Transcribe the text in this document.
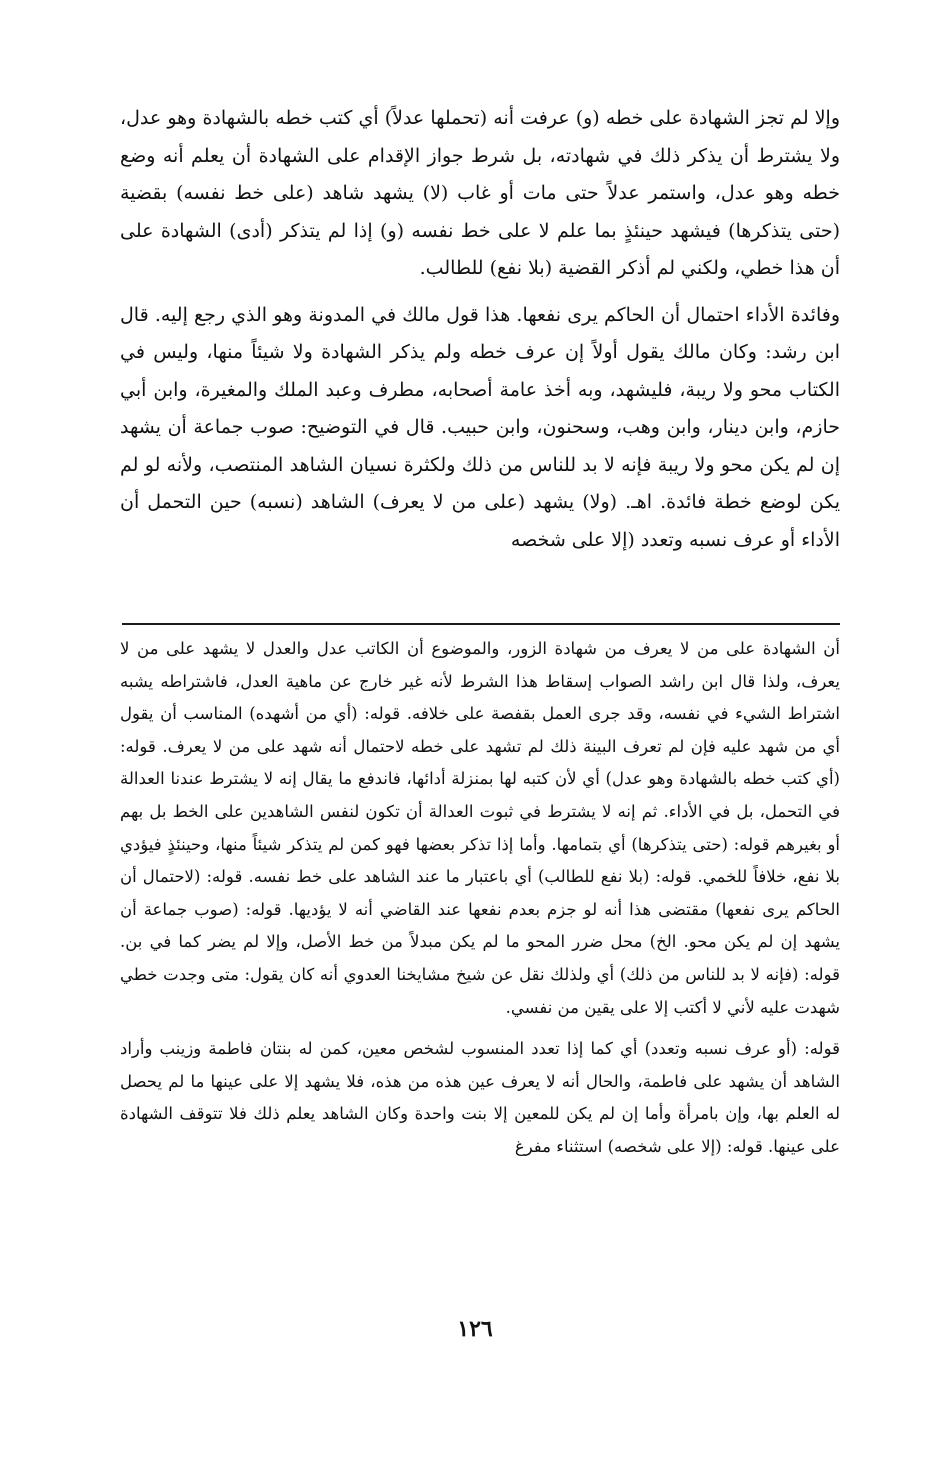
وإلا لم تجز الشهادة على خطه (و) عرفت أنه (تحملها عدلاً) أي كتب خطه بالشهادة وهو عدل، ولا يشترط أن يذكر ذلك في شهادته، بل شرط جواز الإقدام على الشهادة أن يعلم أنه وضع خطه وهو عدل، واستمر عدلاً حتى مات أو غاب (لا) يشهد شاهد (على خط نفسه) بقضية (حتى يتذكرها) فيشهد حينئذٍ بما علم لا على خط نفسه (و) إذا لم يتذكر (أدى) الشهادة على أن هذا خطي، ولكني لم أذكر القضية (بلا نفع) للطالب.

وفائدة الأداء احتمال أن الحاكم يرى نفعها. هذا قول مالك في المدونة وهو الذي رجع إليه. قال ابن رشد: وكان مالك يقول أولاً إن عرف خطه ولم يذكر الشهادة ولا شيئاً منها، وليس في الكتاب محو ولا ريبة، فليشهد، وبه أخذ عامة أصحابه، مطرف وعبد الملك والمغيرة، وابن أبي حازم، وابن دينار، وابن وهب، وسحنون، وابن حبيب. قال في التوضيح: صوب جماعة أن يشهد إن لم يكن محو ولا ريبة فإنه لا بد للناس من ذلك ولكثرة نسيان الشاهد المنتصب، ولأنه لو لم يكن لوضع خطة فائدة. اهـ. (ولا) يشهد (على من لا يعرف) الشاهد (نسبه) حين التحمل أن الأداء أو عرف نسبه وتعدد (إلا على شخصه

أن الشهادة على من لا يعرف من شهادة الزور، والموضوع أن الكاتب عدل والعدل لا يشهد على من لا يعرف، ولذا قال ابن راشد الصواب إسقاط هذا الشرط لأنه غير خارج عن ماهية العدل، فاشتراطه يشبه اشتراط الشيء في نفسه، وقد جرى العمل بقفصة على خلافه. قوله: (أي من أشهده) المناسب أن يقول أي من شهد عليه فإن لم تعرف البينة ذلك لم تشهد على خطه لاحتمال أنه شهد على من لا يعرف. قوله: (أي كتب خطه بالشهادة وهو عدل) أي لأن كتبه لها بمنزلة أدائها، فاندفع ما يقال إنه لا يشترط عندنا العدالة في التحمل، بل في الأداء. ثم إنه لا يشترط في ثبوت العدالة أن تكون لنفس الشاهدين على الخط بل بهم أو بغيرهم قوله: (حتى يتذكرها) أي بتمامها. وأما إذا تذكر بعضها فهو كمن لم يتذكر شيئاً منها، وحينئذٍ فيؤدي بلا نفع، خلافاً للخمي. قوله: (بلا نفع للطالب) أي باعتبار ما عند الشاهد على خط نفسه. قوله: (لاحتمال أن الحاكم يرى نفعها) مقتضى هذا أنه لو جزم بعدم نفعها عند القاضي أنه لا يؤديها. قوله: (صوب جماعة أن يشهد إن لم يكن محو. الخ) محل ضرر المحو ما لم يكن مبدلاً من خط الأصل، وإلا لم يضر كما في بن. قوله: (فإنه لا بد للناس من ذلك) أي ولذلك نقل عن شيخ مشايخنا العدوي أنه كان يقول: متى وجدت خطي شهدت عليه لأني لا أكتب إلا على يقين من نفسي.

قوله: (أو عرف نسبه وتعدد) أي كما إذا تعدد المنسوب لشخص معين، كمن له بنتان فاطمة وزينب وأراد الشاهد أن يشهد على فاطمة، والحال أنه لا يعرف عين هذه من هذه، فلا يشهد إلا على عينها ما لم يحصل له العلم بها، وإن بامرأة وأما إن لم يكن للمعين إلا بنت واحدة وكان الشاهد يعلم ذلك فلا تتوقف الشهادة على عينها. قوله: (إلا على شخصه) استثناء مفرغ

١٢٦
